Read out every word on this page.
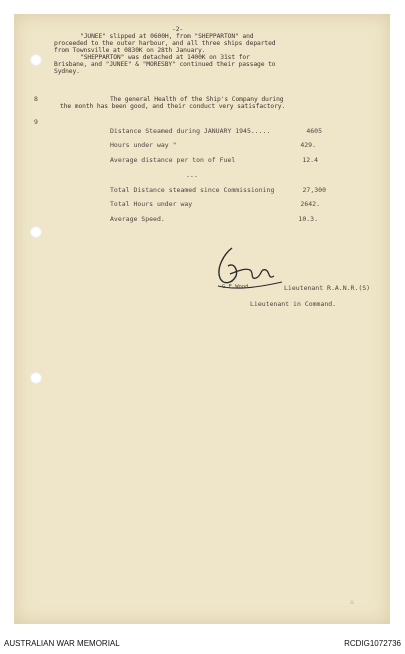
-2-
"JUNEE" slipped at 0600H, from "SHEPPARTON" and
proceeded to the outer harbour, and all three ships departed
from Townsville at 0830K on 28th January.
"SHEPPARTON" was detached at 1400K on 31st for
Brisbane, and "JUNEE" & "MORESBY" continued their passage to
Sydney.
8	The general Health of the Ship's Company during
the month has been good, and their conduct very satisfactory.
9
Distance Steamed during JANUARY 1945.....	4605
Hours under way "	429.
Average distance per ton of Fuel	12.4
---
Total Distance steamed since Commissioning	27,300
Total Hours under way	2642.
Average Speed.	10.3.
G.E.Wood	Lieutenant R.A.N.R.(S)
Lieutenant in Command.
∴
AUSTRALIAN WAR MEMORIAL	RCDIG1072736
